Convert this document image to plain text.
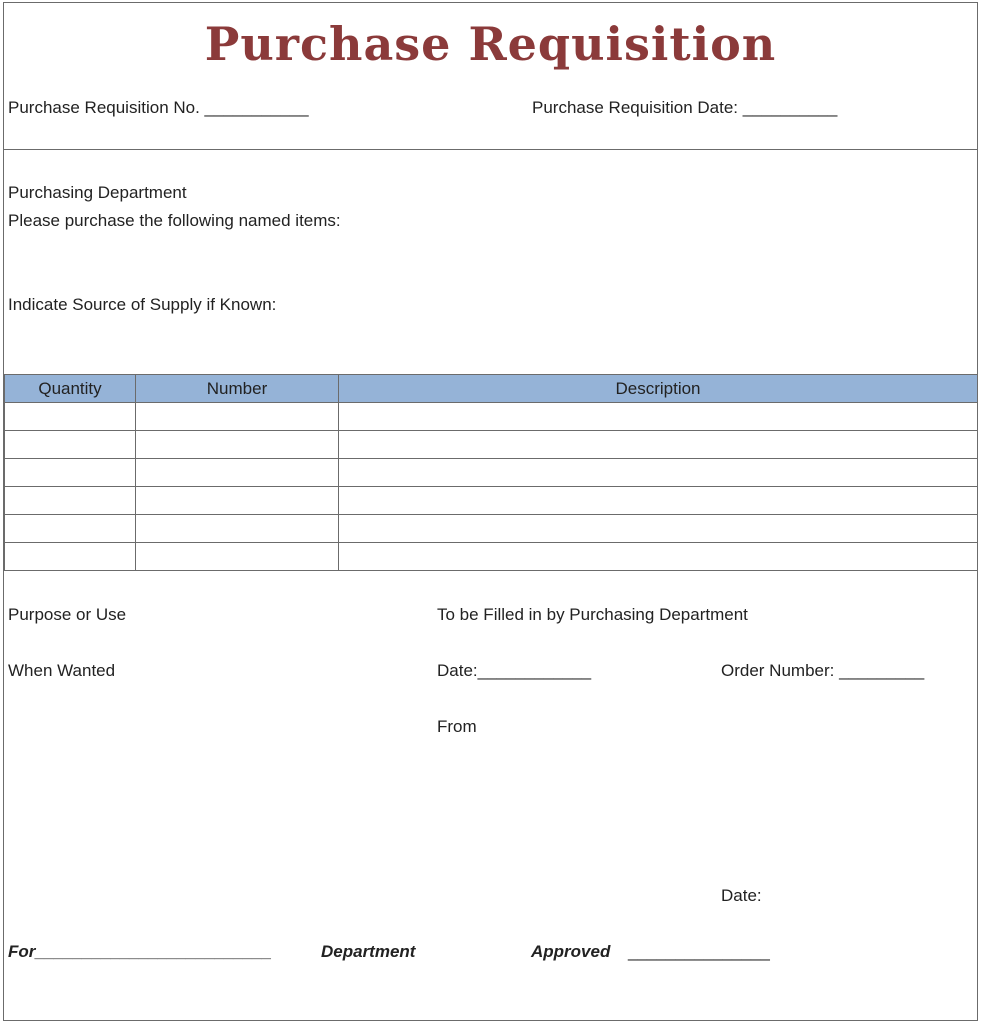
Purchase Requisition
Purchase Requisition No. ___________	Purchase Requisition Date: __________
Purchasing Department
Please purchase the following named items:
Indicate Source of Supply if Known:
Quantity	Number	Description

Purpose or Use	To be Filled in by Purchasing Department
When Wanted	Date:____________	Order Number: _________
From
Date:
For_________________________	Department	Approved _______________
